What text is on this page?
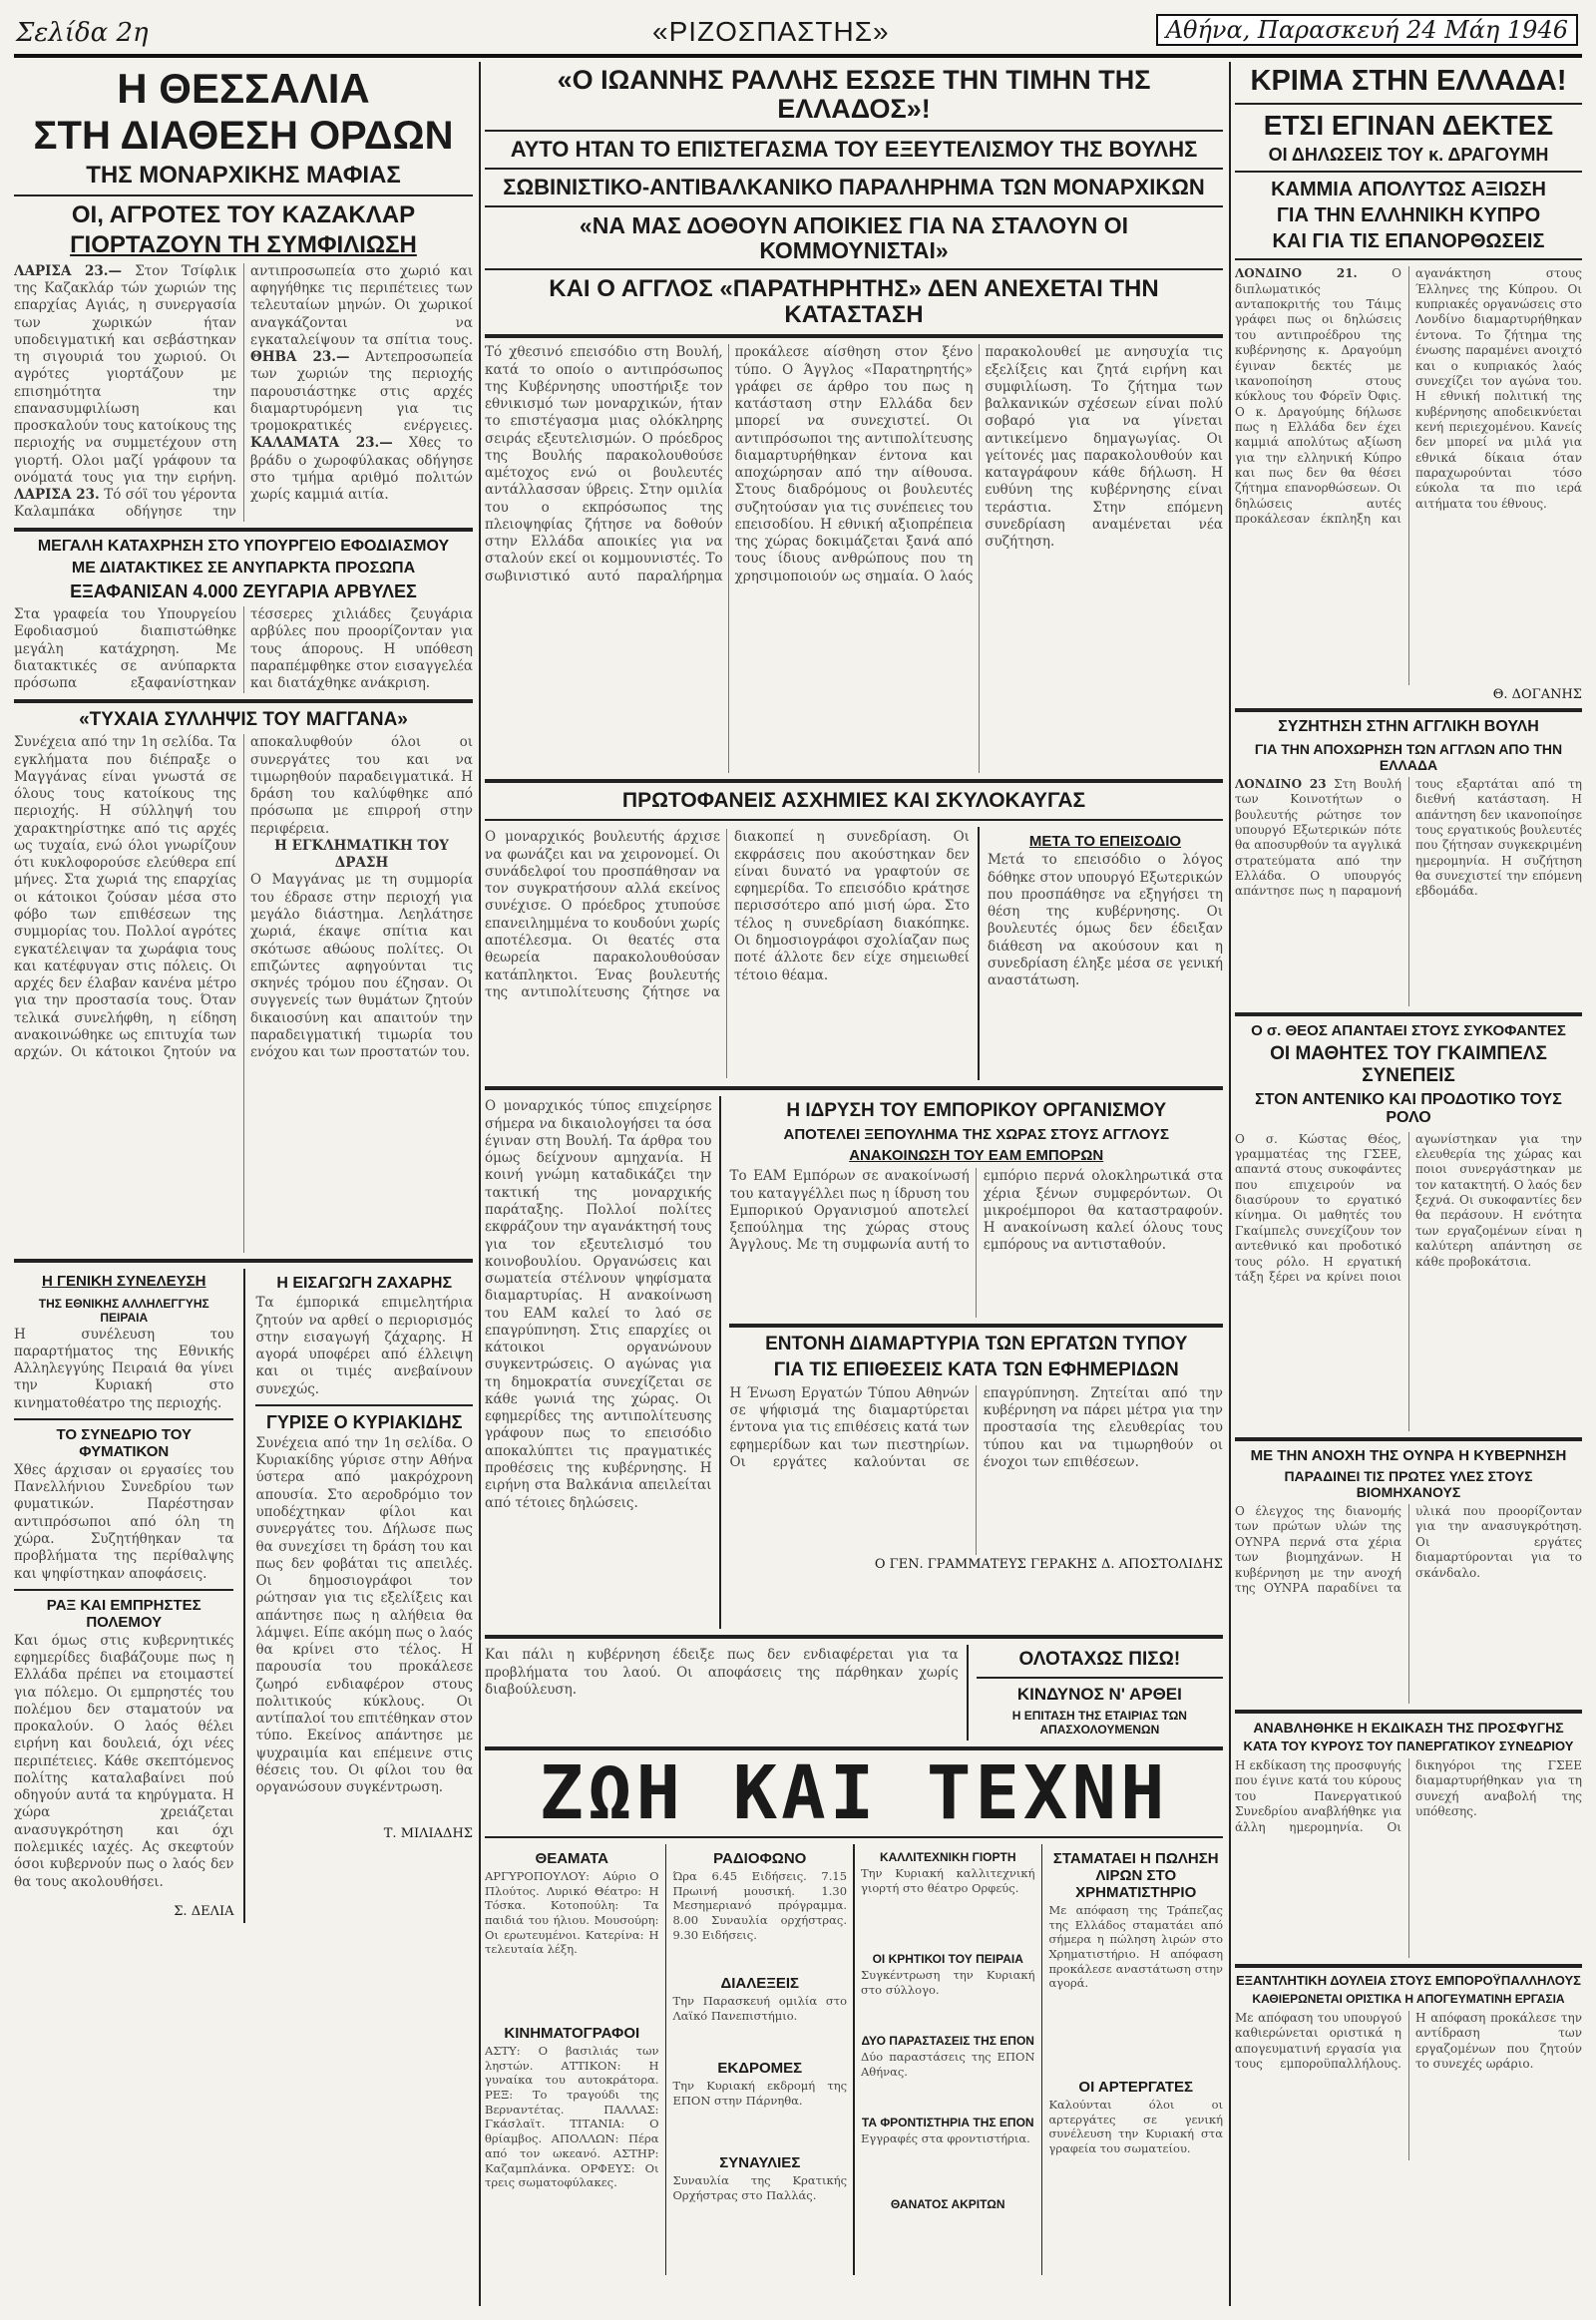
Σελίδα 2η	«ΡΙΖΟΣΠΑΣΤΗΣ»	Αθήνα, Παρασκευή 24 Μάη 1946
Η ΘΕΣΣΑΛΙΑ
ΣΤΗ ΔΙΑΘΕΣΗ ΟΡΔΩΝ
ΤΗΣ ΜΟΝΑΡΧΙΚΗΣ ΜΑΦΙΑΣ
ΟΙ, ΑΓΡΟΤΕΣ ΤΟΥ ΚΑΖΑΚΛΑΡ
ΓΙΟΡΤΑΖΟΥΝ ΤΗ ΣΥΜΦΙΛΙΩΣΗ
ΛΑΡΙΣΑ 23.— Στον Τσίφλικ της Καζακλάρ τών χωριών της επαρχίας Αγιάς, η συνεργασία των χωρικών ήταν υποδειγματική και σεβάστηκαν τη σιγουριά του χωριού. Οι αγρότες γιορτάζουν με επισημότητα την επανασυμφιλίωση και προσκαλούν τους κατοίκους της περιοχής να συμμετέχουν στη γιορτή. Ολοι μαζί γράφουν τα ονόματά τους για την ειρήνη. ΛΑΡΙΣΑ 23. Τό σόϊ του γέροντα Καλαμπάκα οδήγησε την αντιπροσωπεία στο χωριό και αφηγήθηκε τις περιπέτειες των τελευταίων μηνών. Οι χωρικοί αναγκάζονται να εγκαταλείψουν τα σπίτια τους. ΘΗΒΑ 23.— Αντεπροσωπεία των χωριών της περιοχής παρουσιάστηκε στις αρχές διαμαρτυρόμενη για τις τρομοκρατικές ενέργειες. ΚΑΛΑΜΑΤΑ 23.— Χθες το βράδυ ο χωροφύλακας οδήγησε στο τμήμα αριθμό πολιτών χωρίς καμμιά αιτία.
ΜΕΓΑΛΗ ΚΑΤΑΧΡΗΣΗ ΣΤΟ ΥΠΟΥΡΓΕΙΟ ΕΦΟΔΙΑΣΜΟΥ
ΜΕ ΔΙΑΤΑΚΤΙΚΕΣ ΣΕ ΑΝΥΠΑΡΚΤΑ ΠΡΟΣΩΠΑ
ΕΞΑΦΑΝΙΣΑΝ 4.000 ΖΕΥΓΑΡΙΑ ΑΡΒΥΛΕΣ
Στα γραφεία του Υπουργείου Εφοδιασμού διαπιστώθηκε μεγάλη κατάχρηση. Με διατακτικές σε ανύπαρκτα πρόσωπα εξαφανίστηκαν τέσσερες χιλιάδες ζευγάρια αρβύλες που προορίζονταν για τους άπορους. Η υπόθεση παραπέμφθηκε στον εισαγγελέα και διατάχθηκε ανάκριση.
«ΤΥΧΑΙΑ ΣΥΛΛΗΨΙΣ ΤΟΥ ΜΑΓΓΑΝΑ»
Συνέχεια από την 1η σελίδα. Τα εγκλήματα που διέπραξε ο Μαγγάνας είναι γνωστά σε όλους τους κατοίκους της περιοχής. Η σύλληψή του χαρακτηρίστηκε από τις αρχές ως τυχαία, ενώ όλοι γνωρίζουν ότι κυκλοφορούσε ελεύθερα επί μήνες. Στα χωριά της επαρχίας οι κάτοικοι ζούσαν μέσα στο φόβο των επιθέσεων της συμμορίας του. Πολλοί αγρότες εγκατέλειψαν τα χωράφια τους και κατέφυγαν στις πόλεις. Οι αρχές δεν έλαβαν κανένα μέτρο για την προστασία τους. Όταν τελικά συνελήφθη, η είδηση ανακοινώθηκε ως επιτυχία των αρχών. Οι κάτοικοι ζητούν να αποκαλυφθούν όλοι οι συνεργάτες του και να τιμωρηθούν παραδειγματικά. Η δράση του καλύφθηκε από πρόσωπα με επιρροή στην περιφέρεια.
Η ΕΓΚΛΗΜΑΤΙΚΗ ΤΟΥ ΔΡΑΣΗ
Ο Μαγγάνας με τη συμμορία του έδρασε στην περιοχή για μεγάλο διάστημα. Λεηλάτησε χωριά, έκαψε σπίτια και σκότωσε αθώους πολίτες. Οι επιζώντες αφηγούνται τις σκηνές τρόμου που έζησαν. Οι συγγενείς των θυμάτων ζητούν δικαιοσύνη και απαιτούν την παραδειγματική τιμωρία του ενόχου και των προστατών του.
Η ΓΕΝΙΚΗ ΣΥΝΕΛΕΥΣΗ
ΤΗΣ ΕΘΝΙΚΗΣ ΑΛΛΗΛΕΓΓΥΗΣ ΠΕΙΡΑΙΑ
Η συνέλευση του παραρτήματος της Εθνικής Αλληλεγγύης Πειραιά θα γίνει την Κυριακή στο κινηματοθέατρο της περιοχής.
ΤΟ ΣΥΝΕΔΡΙΟ ΤΟΥ ΦΥΜΑΤΙΚΟΝ
Χθες άρχισαν οι εργασίες του Πανελλήνιου Συνεδρίου των φυματικών. Παρέστησαν αντιπρόσωποι από όλη τη χώρα. Συζητήθηκαν τα προβλήματα της περίθαλψης και ψηφίστηκαν αποφάσεις.
ΡΑΞ ΚΑΙ ΕΜΠΡΗΣΤΕΣ ΠΟΛΕΜΟΥ
Και όμως στις κυβερνητικές εφημερίδες διαβάζουμε πως η Ελλάδα πρέπει να ετοιμαστεί για πόλεμο. Οι εμπρηστές του πολέμου δεν σταματούν να προκαλούν. Ο λαός θέλει ειρήνη και δουλειά, όχι νέες περιπέτειες. Κάθε σκεπτόμενος πολίτης καταλαβαίνει πού οδηγούν αυτά τα κηρύγματα. Η χώρα χρειάζεται ανασυγκρότηση και όχι πολεμικές ιαχές. Ας σκεφτούν όσοι κυβερνούν πως ο λαός δεν θα τους ακολουθήσει.
Σ. ΔΕΛΙΑ
Η ΕΙΣΑΓΩΓΗ ΖΑΧΑΡΗΣ
Τα έμπορικά επιμελητήρια ζητούν να αρθεί ο περιορισμός στην εισαγωγή ζάχαρης. Η αγορά υποφέρει από έλλειψη και οι τιμές ανεβαίνουν συνεχώς.
ΓΥΡΙΣΕ Ο ΚΥΡΙΑΚΙΔΗΣ
Συνέχεια από την 1η σελίδα. Ο Κυριακίδης γύρισε στην Αθήνα ύστερα από μακρόχρονη απουσία. Στο αεροδρόμιο τον υποδέχτηκαν φίλοι και συνεργάτες του. Δήλωσε πως θα συνεχίσει τη δράση του και πως δεν φοβάται τις απειλές. Οι δημοσιογράφοι τον ρώτησαν για τις εξελίξεις και απάντησε πως η αλήθεια θα λάμψει. Είπε ακόμη πως ο λαός θα κρίνει στο τέλος. Η παρουσία του προκάλεσε ζωηρό ενδιαφέρον στους πολιτικούς κύκλους. Οι αντίπαλοί του επιτέθηκαν στον τύπο. Εκείνος απάντησε με ψυχραιμία και επέμεινε στις θέσεις του. Οι φίλοι του θα οργανώσουν συγκέντρωση.
Τ. ΜΙΛΙΑΔΗΣ
«Ο ΙΩΑΝΝΗΣ ΡΑΛΛΗΣ ΕΣΩΣΕ ΤΗΝ ΤΙΜΗΝ ΤΗΣ ΕΛΛΑΔΟΣ»!
ΑΥΤΟ ΗΤΑΝ ΤΟ ΕΠΙΣΤΕΓΑΣΜΑ ΤΟΥ ΕΞΕΥΤΕΛΙΣΜΟΥ ΤΗΣ ΒΟΥΛΗΣ
ΣΩΒΙΝΙΣΤΙΚΟ-ΑΝΤΙΒΑΛΚΑΝΙΚΟ ΠΑΡΑΛΗΡΗΜΑ ΤΩΝ ΜΟΝΑΡΧΙΚΩΝ
«ΝΑ ΜΑΣ ΔΟΘΟΥΝ ΑΠΟΙΚΙΕΣ ΓΙΑ ΝΑ ΣΤΑΛΟΥΝ ΟΙ ΚΟΜΜΟΥΝΙΣΤΑΙ»
ΚΑΙ Ο ΑΓΓΛΟΣ «ΠΑΡΑΤΗΡΗΤΗΣ» ΔΕΝ ΑΝΕΧΕΤΑΙ ΤΗΝ ΚΑΤΑΣΤΑΣΗ
Τό χθεσινό επεισόδιο στη Βουλή, κατά το οποίο ο αντιπρόσωπος της Κυβέρνησης υποστήριξε τον εθνικισμό των μοναρχικών, ήταν το επιστέγασμα μιας ολόκληρης σειράς εξευτελισμών. Ο πρόεδρος της Βουλής παρακολουθούσε αμέτοχος ενώ οι βουλευτές αντάλλασσαν ύβρεις. Στην ομιλία του ο εκπρόσωπος της πλειοψηφίας ζήτησε να δοθούν στην Ελλάδα αποικίες για να σταλούν εκεί οι κομμουνιστές. Το σωβινιστικό αυτό παραλήρημα προκάλεσε αίσθηση στον ξένο τύπο. Ο Άγγλος «Παρατηρητής» γράφει σε άρθρο του πως η κατάσταση στην Ελλάδα δεν μπορεί να συνεχιστεί. Οι αντιπρόσωποι της αντιπολίτευσης διαμαρτυρήθηκαν έντονα και αποχώρησαν από την αίθουσα. Στους διαδρόμους οι βουλευτές συζητούσαν για τις συνέπειες του επεισοδίου. Η εθνική αξιοπρέπεια της χώρας δοκιμάζεται ξανά από τους ίδιους ανθρώπους που τη χρησιμοποιούν ως σημαία. Ο λαός παρακολουθεί με ανησυχία τις εξελίξεις και ζητά ειρήνη και συμφιλίωση. Το ζήτημα των βαλκανικών σχέσεων είναι πολύ σοβαρό για να γίνεται αντικείμενο δημαγωγίας. Οι γείτονές μας παρακολουθούν και καταγράφουν κάθε δήλωση. Η ευθύνη της κυβέρνησης είναι τεράστια. Στην επόμενη συνεδρίαση αναμένεται νέα συζήτηση.
ΠΡΩΤΟΦΑΝΕΙΣ ΑΣΧΗΜΙΕΣ ΚΑΙ ΣΚΥΛΟΚΑΥΓΑΣ
Ο μοναρχικός βουλευτής άρχισε να φωνάζει και να χειρονομεί. Οι συνάδελφοί του προσπάθησαν να τον συγκρατήσουν αλλά εκείνος συνέχισε. Ο πρόεδρος χτυπούσε επανειλημμένα το κουδούνι χωρίς αποτέλεσμα. Οι θεατές στα θεωρεία παρακολουθούσαν κατάπληκτοι. Ένας βουλευτής της αντιπολίτευσης ζήτησε να διακοπεί η συνεδρίαση. Οι εκφράσεις που ακούστηκαν δεν είναι δυνατό να γραφτούν σε εφημερίδα. Το επεισόδιο κράτησε περισσότερο από μισή ώρα. Στο τέλος η συνεδρίαση διακόπηκε. Οι δημοσιογράφοι σχολίαζαν πως ποτέ άλλοτε δεν είχε σημειωθεί τέτοιο θέαμα.
ΜΕΤΑ ΤΟ ΕΠΕΙΣΟΔΙΟ
Μετά το επεισόδιο ο λόγος δόθηκε στον υπουργό Εξωτερικών που προσπάθησε να εξηγήσει τη θέση της κυβέρνησης. Οι βουλευτές όμως δεν έδειξαν διάθεση να ακούσουν και η συνεδρίαση έληξε μέσα σε γενική αναστάτωση.
Ο μοναρχικός τύπος επιχείρησε σήμερα να δικαιολογήσει τα όσα έγιναν στη Βουλή. Τα άρθρα του όμως δείχνουν αμηχανία. Η κοινή γνώμη καταδικάζει την τακτική της μοναρχικής παράταξης. Πολλοί πολίτες εκφράζουν την αγανάκτησή τους για τον εξευτελισμό του κοινοβουλίου. Οργανώσεις και σωματεία στέλνουν ψηφίσματα διαμαρτυρίας. Η ανακοίνωση του ΕΑΜ καλεί το λαό σε επαγρύπνηση. Στις επαρχίες οι κάτοικοι οργανώνουν συγκεντρώσεις. Ο αγώνας για τη δημοκρατία συνεχίζεται σε κάθε γωνιά της χώρας. Οι εφημερίδες της αντιπολίτευσης γράφουν πως το επεισόδιο αποκαλύπτει τις πραγματικές προθέσεις της κυβέρνησης. Η ειρήνη στα Βαλκάνια απειλείται από τέτοιες δηλώσεις.
Η ΙΔΡΥΣΗ ΤΟΥ ΕΜΠΟΡΙΚΟΥ ΟΡΓΑΝΙΣΜΟΥ
ΑΠΟΤΕΛΕΙ ΞΕΠΟΥΛΗΜΑ ΤΗΣ ΧΩΡΑΣ ΣΤΟΥΣ ΑΓΓΛΟΥΣ
ΑΝΑΚΟΙΝΩΣΗ ΤΟΥ ΕΑΜ ΕΜΠΟΡΩΝ
Το ΕΑΜ Εμπόρων σε ανακοίνωσή του καταγγέλλει πως η ίδρυση του Εμπορικού Οργανισμού αποτελεί ξεπούλημα της χώρας στους Άγγλους. Με τη συμφωνία αυτή το εμπόριο περνά ολοκληρωτικά στα χέρια ξένων συμφερόντων. Οι μικροέμποροι θα καταστραφούν. Η ανακοίνωση καλεί όλους τους εμπόρους να αντισταθούν.
ΕΝΤΟΝΗ ΔΙΑΜΑΡΤΥΡΙΑ ΤΩΝ ΕΡΓΑΤΩΝ ΤΥΠΟΥ
ΓΙΑ ΤΙΣ ΕΠΙΘΕΣΕΙΣ ΚΑΤΑ ΤΩΝ ΕΦΗΜΕΡΙΔΩΝ
Η Ένωση Εργατών Τύπου Αθηνών σε ψήφισμά της διαμαρτύρεται έντονα για τις επιθέσεις κατά των εφημερίδων και των πιεστηρίων. Οι εργάτες καλούνται σε επαγρύπνηση. Ζητείται από την κυβέρνηση να πάρει μέτρα για την προστασία της ελευθερίας του τύπου και να τιμωρηθούν οι ένοχοι των επιθέσεων.
Ο ΓΕΝ. ΓΡΑΜΜΑΤΕΥΣ ΓΕΡΑΚΗΣ Δ. ΑΠΟΣΤΟΛΙΔΗΣ
Και πάλι η κυβέρνηση έδειξε πως δεν ενδιαφέρεται για τα προβλήματα του λαού. Οι αποφάσεις της πάρθηκαν χωρίς διαβούλευση.
ΟΛΟΤΑΧΩΣ ΠΙΣΩ!
ΚΙΝΔΥΝΟΣ Ν' ΑΡΘΕΙ
Η ΕΠΙΤΑΣΗ ΤΗΣ ΕΤΑΙΡΙΑΣ ΤΩΝ ΑΠΑΣΧΟΛΟΥΜΕΝΩΝ
ΖΩΗ ΚΑΙ ΤΕΧΝΗ
ΘΕΑΜΑΤΑ
ΑΡΓΥΡΟΠΟΥΛΟΥ: Αύριο Ο Πλούτος. Λυρικό Θέατρο: Η Τόσκα. Κοτοπούλη: Τα παιδιά του ήλιου. Μουσούρη: Οι ερωτευμένοι. Κατερίνα: Η τελευταία λέξη.
ΚΙΝΗΜΑΤΟΓΡΑΦΟΙ
ΑΣΤΥ: Ο βασιλιάς των ληστών. ΑΤΤΙΚΟΝ: Η γυναίκα του αυτοκράτορα. ΡΕΞ: Το τραγούδι της Βερναντέτας. ΠΑΛΛΑΣ: Γκάσλαϊτ. ΤΙΤΑΝΙΑ: Ο θρίαμβος. ΑΠΟΛΛΩΝ: Πέρα από τον ωκεανό. ΑΣΤΗΡ: Καζαμπλάνκα. ΟΡΦΕΥΣ: Οι τρεις σωματοφύλακες.
ΡΑΔΙΟΦΩΝΟ
Ώρα 6.45 Ειδήσεις. 7.15 Πρωινή μουσική. 1.30 Μεσημεριανό πρόγραμμα. 8.00 Συναυλία ορχήστρας. 9.30 Ειδήσεις.
ΔΙΑΛΕΞΕΙΣ
Την Παρασκευή ομιλία στο Λαϊκό Πανεπιστήμιο.
ΕΚΔΡΟΜΕΣ
Την Κυριακή εκδρομή της ΕΠΟΝ στην Πάρνηθα.
ΣΥΝΑΥΛΙΕΣ
Συναυλία της Κρατικής Ορχήστρας στο Παλλάς.
ΚΑΛΛΙΤΕΧΝΙΚΗ ΓΙΟΡΤΗ
Την Κυριακή καλλιτεχνική γιορτή στο θέατρο Ορφεύς.
ΟΙ ΚΡΗΤΙΚΟΙ ΤΟΥ ΠΕΙΡΑΙΑ
Συγκέντρωση την Κυριακή στο σύλλογο.
ΔΥΟ ΠΑΡΑΣΤΑΣΕΙΣ ΤΗΣ ΕΠΟΝ
Δύο παραστάσεις της ΕΠΟΝ Αθήνας.
ΤΑ ΦΡΟΝΤΙΣΤΗΡΙΑ ΤΗΣ ΕΠΟΝ
Εγγραφές στα φροντιστήρια.
ΘΑΝΑΤΟΣ ΑΚΡΙΤΩΝ
ΣΤΑΜΑΤΑΕΙ Η ΠΩΛΗΣΗ ΛΙΡΩΝ ΣΤΟ ΧΡΗΜΑΤΙΣΤΗΡΙΟ
Με απόφαση της Τράπεζας της Ελλάδος σταματάει από σήμερα η πώληση λιρών στο Χρηματιστήριο. Η απόφαση προκάλεσε αναστάτωση στην αγορά.
ΟΙ ΑΡΤΕΡΓΑΤΕΣ
Καλούνται όλοι οι αρτεργάτες σε γενική συνέλευση την Κυριακή στα γραφεία του σωματείου.
ΚΡΙΜΑ ΣΤΗΝ ΕΛΛΑΔΑ!
ΕΤΣΙ ΕΓΙΝΑΝ ΔΕΚΤΕΣ
ΟΙ ΔΗΛΩΣΕΙΣ ΤΟΥ κ. ΔΡΑΓΟΥΜΗ
ΚΑΜΜΙΑ ΑΠΟΛΥΤΩΣ ΑΞΙΩΣΗ
ΓΙΑ ΤΗΝ ΕΛΛΗΝΙΚΗ ΚΥΠΡΟ
ΚΑΙ ΓΙΑ ΤΙΣ ΕΠΑΝΟΡΘΩΣΕΙΣ
ΛΟΝΔΙΝΟ 21.	Ο διπλωματικός ανταποκριτής του Τάιμς γράφει πως οι δηλώσεις του αντιπροέδρου της κυβέρνησης κ. Δραγούμη έγιναν δεκτές με ικανοποίηση στους κύκλους του Φόρεϊν Όφις. Ο κ. Δραγούμης δήλωσε πως η Ελλάδα δεν έχει καμμιά απολύτως αξίωση για την ελληνική Κύπρο και πως δεν θα θέσει ζήτημα επανορθώσεων. Οι δηλώσεις αυτές προκάλεσαν έκπληξη και αγανάκτηση στους Έλληνες της Κύπρου. Οι κυπριακές οργανώσεις στο Λονδίνο διαμαρτυρήθηκαν έντονα. Το ζήτημα της ένωσης παραμένει ανοιχτό και ο κυπριακός λαός συνεχίζει τον αγώνα του. Η εθνική πολιτική της κυβέρνησης αποδεικνύεται κενή περιεχομένου. Κανείς δεν μπορεί να μιλά για εθνικά δίκαια όταν παραχωρούνται τόσο εύκολα τα πιο ιερά αιτήματα του έθνους.
Θ. ΔΟΓΑΝΗΣ
ΣΥΖΗΤΗΣΗ ΣΤΗΝ ΑΓΓΛΙΚΗ ΒΟΥΛΗ
ΓΙΑ ΤΗΝ ΑΠΟΧΩΡΗΣΗ ΤΩΝ ΑΓΓΛΩΝ ΑΠΟ ΤΗΝ ΕΛΛΑΔΑ
ΛΟΝΔΙΝΟ 23 Στη Βουλή των Κοινοτήτων ο βουλευτής ρώτησε τον υπουργό Εξωτερικών πότε θα αποσυρθούν τα αγγλικά στρατεύματα από την Ελλάδα. Ο υπουργός απάντησε πως η παραμονή τους εξαρτάται από τη διεθνή κατάσταση. Η απάντηση δεν ικανοποίησε τους εργατικούς βουλευτές που ζήτησαν συγκεκριμένη ημερομηνία. Η συζήτηση θα συνεχιστεί την επόμενη εβδομάδα.
Ο σ. ΘΕΟΣ ΑΠΑΝΤΑΕΙ ΣΤΟΥΣ ΣΥΚΟΦΑΝΤΕΣ
ΟΙ ΜΑΘΗΤΕΣ ΤΟΥ ΓΚΑΙΜΠΕΛΣ ΣΥΝΕΠΕΙΣ
ΣΤΟΝ ΑΝΤΕΝΙΚΟ ΚΑΙ ΠΡΟΔΟΤΙΚΟ ΤΟΥΣ ΡΟΛΟ
Ο σ. Κώστας Θέος, γραμματέας της ΓΣΕΕ, απαντά στους συκοφάντες που επιχειρούν να διασύρουν το εργατικό κίνημα. Οι μαθητές του Γκαίμπελς συνεχίζουν τον αντεθνικό και προδοτικό τους ρόλο. Η εργατική τάξη ξέρει να κρίνει ποιοι αγωνίστηκαν για την ελευθερία της χώρας και ποιοι συνεργάστηκαν με τον κατακτητή. Ο λαός δεν ξεχνά. Οι συκοφαντίες δεν θα περάσουν. Η ενότητα των εργαζομένων είναι η καλύτερη απάντηση σε κάθε προβοκάτσια.
ΜΕ ΤΗΝ ΑΝΟΧΗ ΤΗΣ ΟΥΝΡΑ Η ΚΥΒΕΡΝΗΣΗ
ΠΑΡΑΔΙΝΕΙ ΤΙΣ ΠΡΩΤΕΣ ΥΛΕΣ ΣΤΟΥΣ ΒΙΟΜΗΧΑΝΟΥΣ
Ο έλεγχος της διανομής των πρώτων υλών της ΟΥΝΡΑ περνά στα χέρια των βιομηχάνων. Η κυβέρνηση με την ανοχή της ΟΥΝΡΑ παραδίνει τα υλικά που προορίζονταν για την ανασυγκρότηση. Οι εργάτες διαμαρτύρονται για το σκάνδαλο.
ΑΝΑΒΛΗΘΗΚΕ Η ΕΚΔΙΚΑΣΗ ΤΗΣ ΠΡΟΣΦΥΓΗΣ
ΚΑΤΑ ΤΟΥ ΚΥΡΟΥΣ ΤΟΥ ΠΑΝΕΡΓΑΤΙΚΟΥ ΣΥΝΕΔΡΙΟΥ
Η εκδίκαση της προσφυγής που έγινε κατά του κύρους του Πανεργατικού Συνεδρίου αναβλήθηκε για άλλη ημερομηνία. Οι δικηγόροι της ΓΣΕΕ διαμαρτυρήθηκαν για τη συνεχή αναβολή της υπόθεσης.
ΕΞΑΝΤΛΗΤΙΚΗ ΔΟΥΛΕΙΑ ΣΤΟΥΣ ΕΜΠΟΡΟΫΠΑΛΛΗΛΟΥΣ
ΚΑΘΙΕΡΩΝΕΤΑΙ ΟΡΙΣΤΙΚΑ Η ΑΠΟΓΕΥΜΑΤΙΝΗ ΕΡΓΑΣΙΑ
Με απόφαση του υπουργού καθιερώνεται οριστικά η απογευματινή εργασία για τους εμποροϋπαλλήλους. Η απόφαση προκάλεσε την αντίδραση των εργαζομένων που ζητούν το συνεχές ωράριο.
